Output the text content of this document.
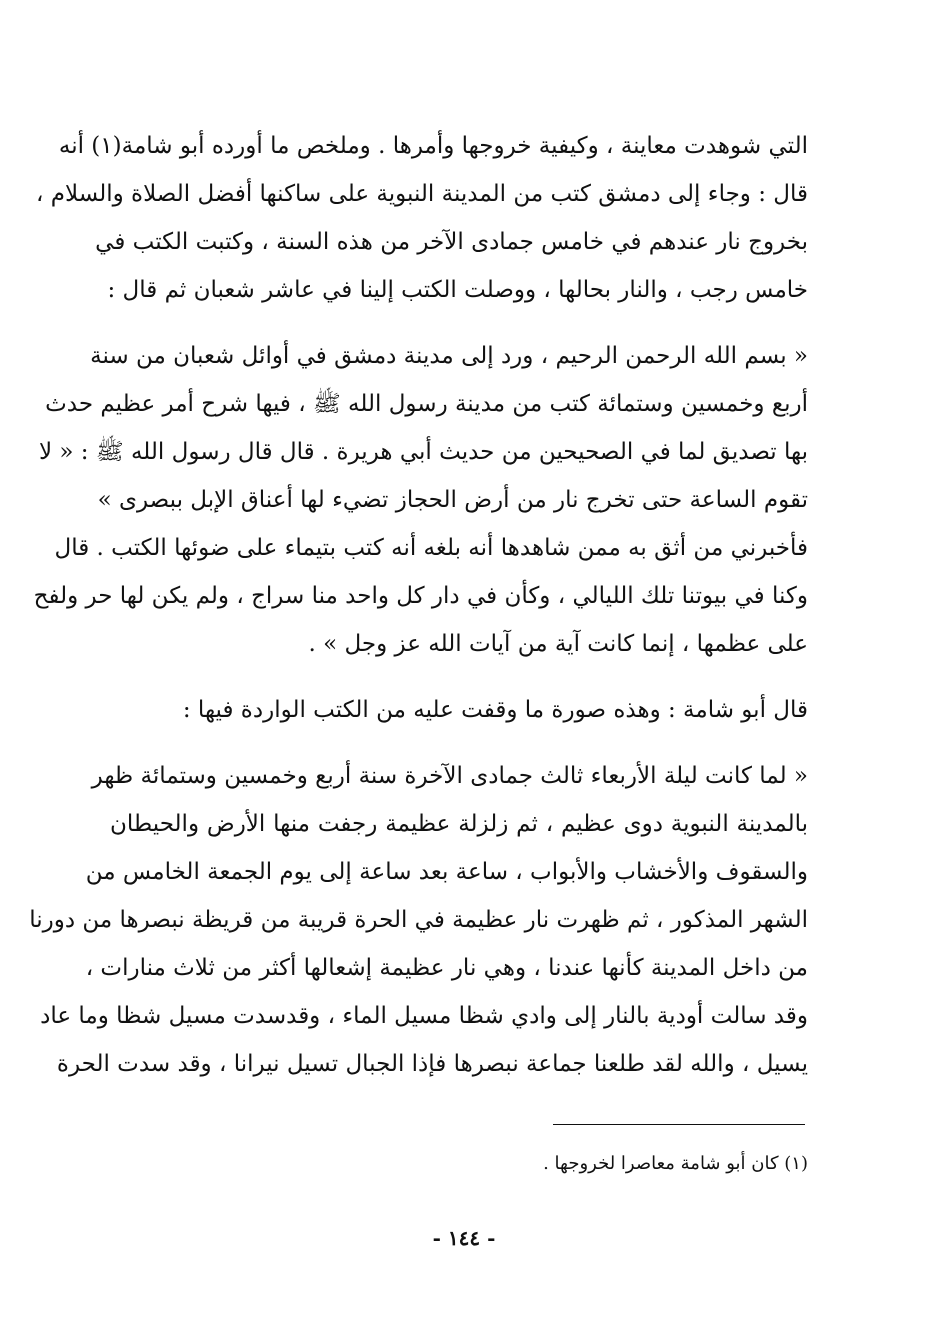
التي شوهدت معاينة ، وكيفية خروجها وأمرها . وملخص ما أورده أبو شامة(١) أنه
قال : وجاء إلى دمشق كتب من المدينة النبوية على ساكنها أفضل الصلاة والسلام ،
بخروج نار عندهم في خامس جمادى الآخر من هذه السنة ، وكتبت الكتب في
خامس رجب ، والنار بحالها ، ووصلت الكتب إلينا في عاشر شعبان ثم قال :
« بسم الله الرحمن الرحيم ، ورد إلى مدينة دمشق في أوائل شعبان من سنة
أربع وخمسين وستمائة كتب من مدينة رسول الله ﷺ ، فيها شرح أمر عظيم حدث
بها تصديق لما في الصحيحين من حديث أبي هريرة . قال قال رسول الله ﷺ : « لا
تقوم الساعة حتى تخرج نار من أرض الحجاز تضيء لها أعناق الإبل ببصرى »
فأخبرني من أثق به ممن شاهدها أنه بلغه أنه كتب بتيماء على ضوئها الكتب . قال
وكنا في بيوتنا تلك الليالي ، وكأن في دار كل واحد منا سراج ، ولم يكن لها حر ولفح
على عظمها ، إنما كانت آية من آيات الله عز وجل » .
قال أبو شامة : وهذه صورة ما وقفت عليه من الكتب الواردة فيها :
« لما كانت ليلة الأربعاء ثالث جمادى الآخرة سنة أربع وخمسين وستمائة ظهر
بالمدينة النبوية دوى عظيم ، ثم زلزلة عظيمة رجفت منها الأرض والحيطان
والسقوف والأخشاب والأبواب ، ساعة بعد ساعة إلى يوم الجمعة الخامس من
الشهر المذكور ، ثم ظهرت نار عظيمة في الحرة قريبة من قريظة نبصرها من دورنا
من داخل المدينة كأنها عندنا ، وهي نار عظيمة إشعالها أكثر من ثلاث منارات ،
وقد سالت أودية بالنار إلى وادي شظا مسيل الماء ، وقدسدت مسيل شظا وما عاد
يسيل ، والله لقد طلعنا جماعة نبصرها فإذا الجبال تسيل نيرانا ، وقد سدت الحرة
(١) كان أبو شامة معاصرا لخروجها .
- ١٤٤ -
